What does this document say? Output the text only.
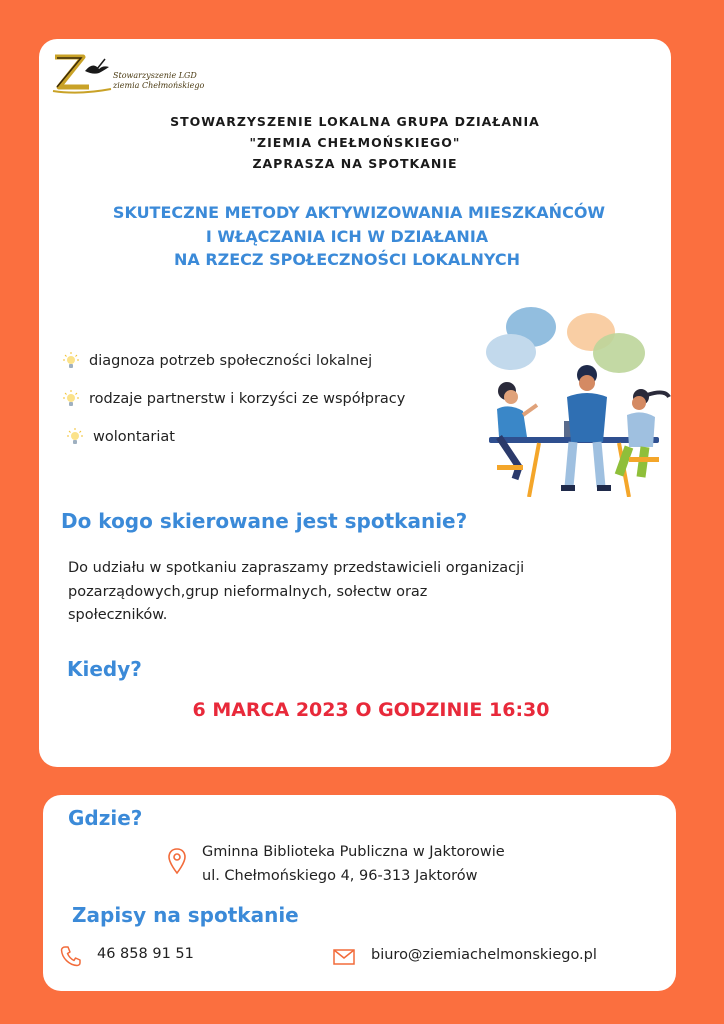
Stowarzyszenie LGD
ziemia Chełmońskiego
STOWARZYSZENIE LOKALNA GRUPA DZIAŁANIA
"ZIEMIA CHEŁMOŃSKIEGO"
ZAPRASZA NA SPOTKANIE
SKUTECZNE METODY AKTYWIZOWANIA MIESZKAŃCÓW
I WŁĄCZANIA ICH W DZIAŁANIA
NA RZECZ SPOŁECZNOŚCI LOKALNYCH
diagnoza potrzeb społeczności lokalnej
rodzaje partnerstw i korzyści ze współpracy
wolontariat
Do kogo skierowane jest spotkanie?
Do udziału w spotkaniu zapraszamy przedstawicieli organizacji pozarządowych,grup nieformalnych, sołectw oraz społeczników.
Kiedy?
6 MARCA 2023 O GODZINIE 16:30
Gdzie?
Gminna Biblioteka Publiczna w Jaktorowie
ul. Chełmońskiego 4, 96-313 Jaktorów
Zapisy na spotkanie
46 858 91 51	biuro@ziemiachelmonskiego.pl
